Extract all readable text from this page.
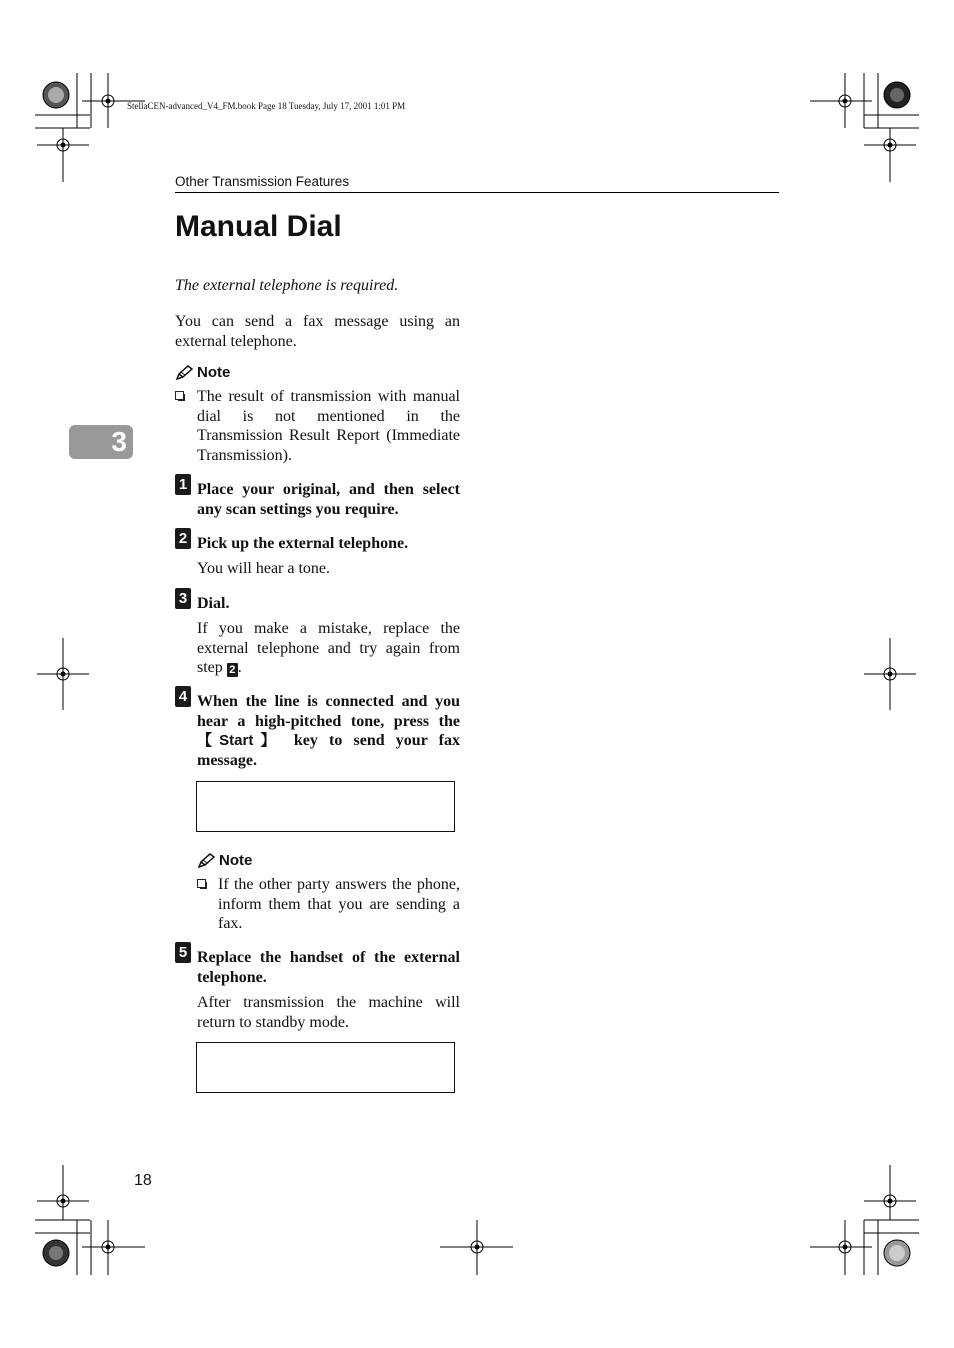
StellaCEN-advanced_V4_FM.book Page 18 Tuesday, July 17, 2001 1:01 PM
Other Transmission Features
Manual Dial
The external telephone is required.
You can send a fax message using an external telephone.
Note
The result of transmission with manual dial is not mentioned in the Transmission Result Report (Immediate Transmission).
3
1 Place your original, and then select any scan settings you require.
2 Pick up the external telephone.
You will hear a tone.
3 Dial.
If you make a mistake, replace the external telephone and try again from step 2 .
4 When the line is connected and you hear a high-pitched tone, press the 【Start】 key to send your fax message.

Note
If the other party answers the phone, inform them that you are sending a fax.
5 Replace the handset of the external telephone.
After transmission the machine will return to standby mode.

18
